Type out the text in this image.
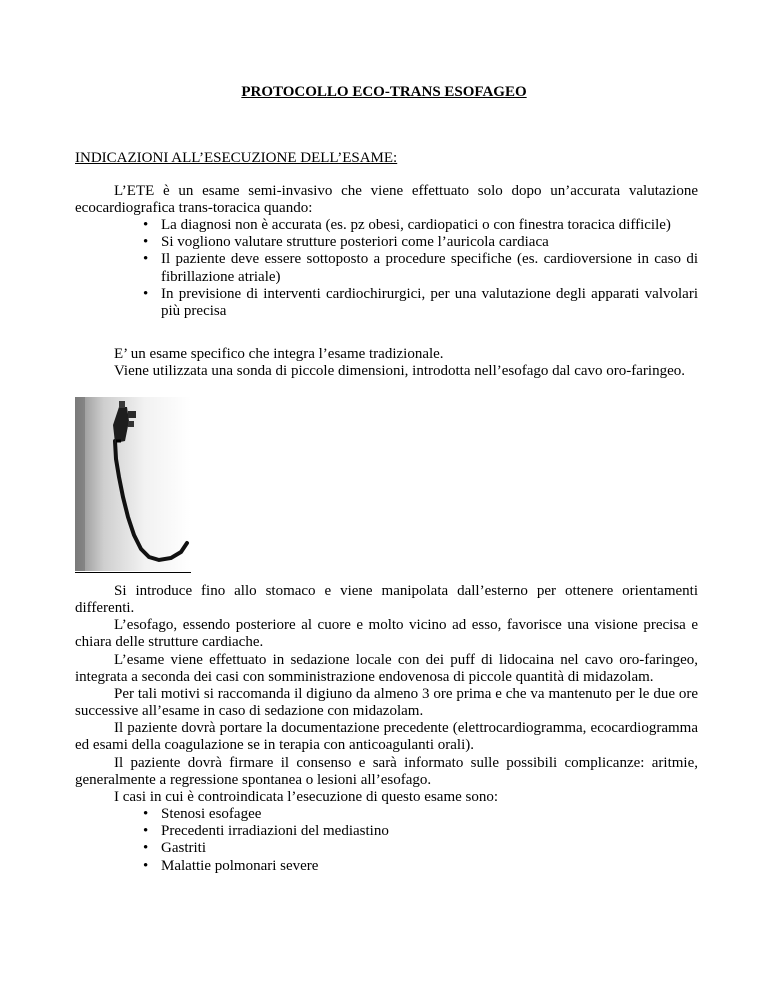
PROTOCOLLO ECO-TRANS ESOFAGEO
INDICAZIONI ALL’ESECUZIONE DELL’ESAME:
L’ETE è un esame semi-invasivo che viene effettuato solo dopo un’accurata valutazione ecocardiografica trans-toracica quando:
• La diagnosi non è accurata (es. pz obesi, cardiopatici o con finestra toracica difficile)
• Si vogliono valutare strutture posteriori come l’auricola cardiaca
• Il paziente deve essere sottoposto a procedure specifiche (es. cardioversione in caso di fibrillazione atriale)
• In previsione di interventi cardiochirurgici, per una valutazione degli apparati valvolari più precisa
E’ un esame specifico che integra l’esame tradizionale.
Viene utilizzata una sonda di piccole dimensioni, introdotta nell’esofago dal cavo oro-faringeo.
Si introduce fino allo stomaco e viene manipolata dall’esterno per ottenere orientamenti differenti.
L’esofago, essendo posteriore al cuore e molto vicino ad esso, favorisce una visione precisa e chiara delle strutture cardiache.
L’esame viene effettuato in sedazione locale con dei puff di lidocaina nel cavo oro-faringeo, integrata a seconda dei casi con somministrazione endovenosa di piccole quantità di midazolam.
Per tali motivi si raccomanda il digiuno da almeno 3 ore prima e che va mantenuto per le due ore successive all’esame in caso di sedazione con midazolam.
Il paziente dovrà portare la documentazione precedente (elettrocardiogramma, ecocardiogramma ed esami della coagulazione se in terapia con anticoagulanti orali).
Il paziente dovrà firmare il consenso e sarà informato sulle possibili complicanze: aritmie, generalmente a regressione spontanea o lesioni all’esofago.
I casi in cui è controindicata l’esecuzione di questo esame sono:
• Stenosi esofagee
• Precedenti irradiazioni del mediastino
• Gastriti
• Malattie polmonari severe
